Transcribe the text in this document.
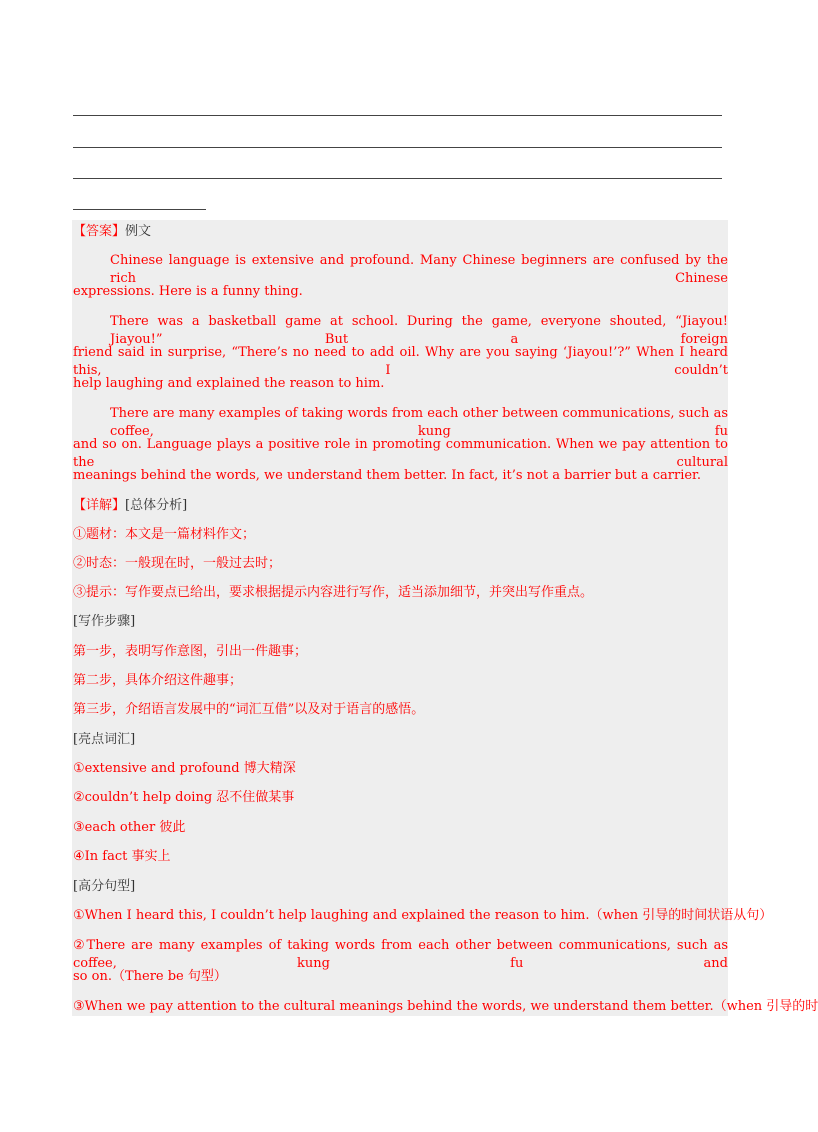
【答案】例文
Chinese language is extensive and profound. Many Chinese beginners are confused by the rich Chinese
expressions. Here is a funny thing.
There was a basketball game at school. During the game, everyone shouted, “Jiayou! Jiayou!” But a foreign
friend said in surprise, “There’s no need to add oil. Why are you saying ‘Jiayou!’?” When I heard this, I couldn’t
help laughing and explained the reason to him.
There are many examples of taking words from each other between communications, such as coffee, kung fu
and so on. Language plays a positive role in promoting communication. When we pay attention to the cultural
meanings behind the words, we understand them better. In fact, it’s not a barrier but a carrier.
【详解】[总体分析]
①题材：本文是一篇材料作文；
②时态：一般现在时，一般过去时；
③提示：写作要点已给出，要求根据提示内容进行写作，适当添加细节，并突出写作重点。
[写作步骤]
第一步，表明写作意图，引出一件趣事；
第二步，具体介绍这件趣事；
第三步，介绍语言发展中的“词汇互借”以及对于语言的感悟。
[亮点词汇]
①extensive and profound 博大精深
②couldn’t help doing 忍不住做某事
③each other 彼此
④In fact 事实上
[高分句型]
①When I heard this, I couldn’t help laughing and explained the reason to him.（when 引导的时间状语从句）
②There are many examples of taking words from each other between communications, such as coffee, kung fu and
so on.（There be 句型）
③When we pay attention to the cultural meanings behind the words, we understand them better.（when 引导的时
